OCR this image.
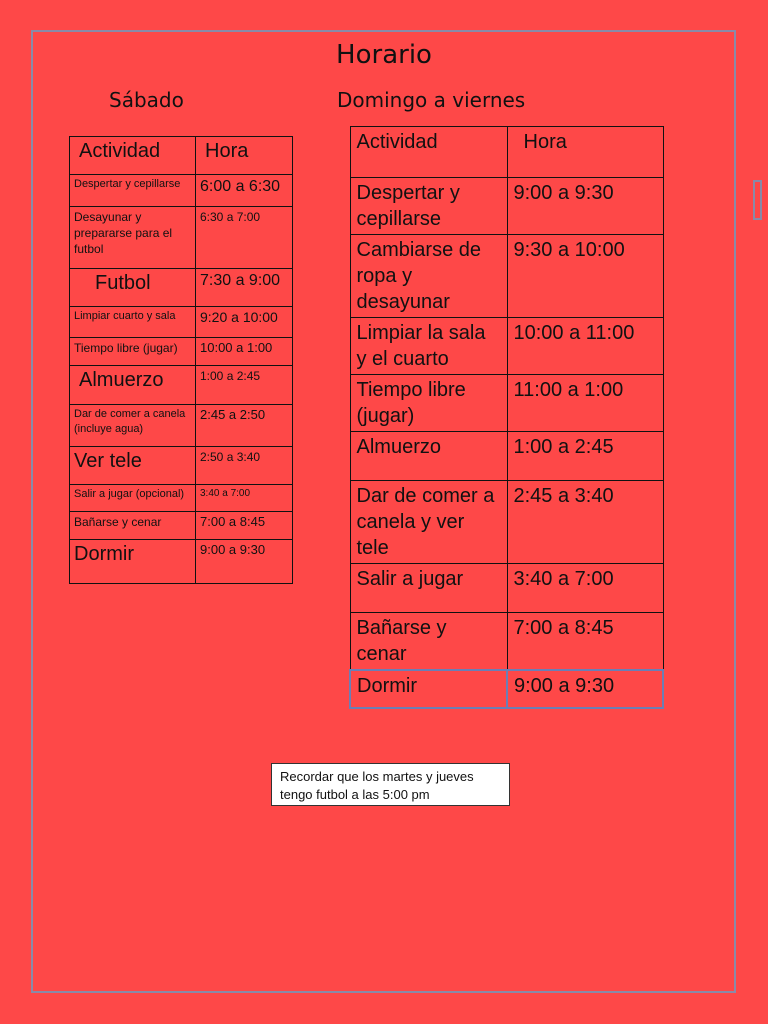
Horario
Sábado	Domingo a viernes
Actividad	Hora
Despertar y cepillarse	6:00 a 6:30
Desayunar y prepararse para el futbol	6:30 a 7:00
Futbol	7:30 a 9:00
Limpiar cuarto y sala	9:20 a 10:00
Tiempo libre (jugar)	10:00 a 1:00
Almuerzo	1:00 a 2:45
Dar de comer a canela (incluye agua)	2:45 a 2:50
Ver tele	2:50 a 3:40
Salir a jugar (opcional)	3:40 a 7:00
Bañarse y cenar	7:00 a 8:45
Dormir	9:00 a 9:30
Actividad	Hora
Despertar y cepillarse	9:00 a 9:30
Cambiarse de ropa y desayunar	9:30 a 10:00
Limpiar la sala y el cuarto	10:00 a 11:00
Tiempo libre (jugar)	11:00 a 1:00
Almuerzo	1:00 a 2:45
Dar de comer a canela y ver tele	2:45 a 3:40
Salir a jugar	3:40 a 7:00
Bañarse y cenar	7:00 a 8:45
Dormir	9:00 a 9:30
Recordar que los martes y jueves tengo futbol a las 5:00 pm
